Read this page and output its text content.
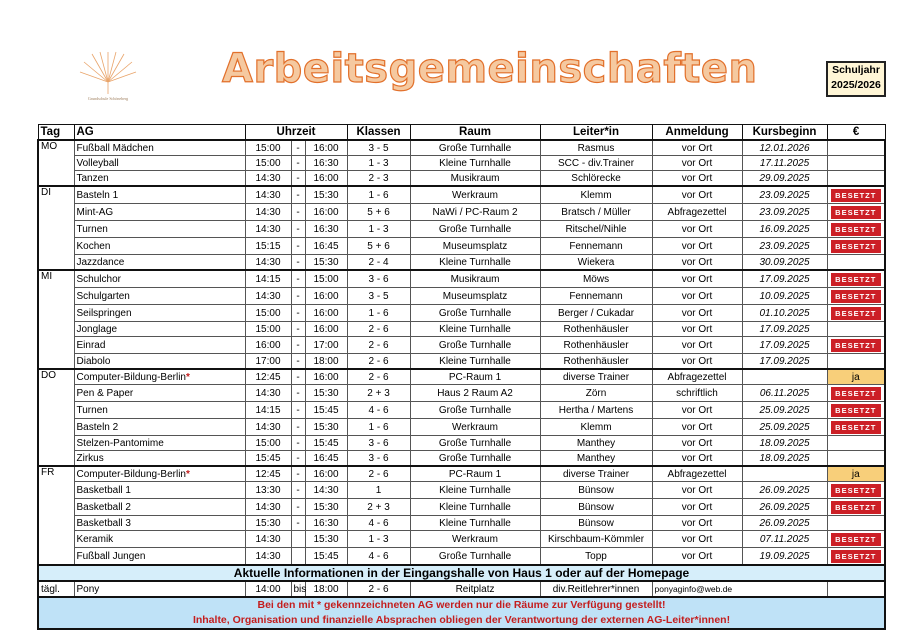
Grundschule Schöneberg
Arbeitsgemeinschaften	Schuljahr
2025/2026
Tag	AG	Uhrzeit			Klassen	Raum	Leiter*in	Anmeldung	Kursbeginn	€
MO	Fußball Mädchen	15:00	-	16:00	3 - 5	Große Turnhalle	Rasmus	vor Ort	12.01.2026	
	Volleyball	15:00	-	16:30	1 - 3	Kleine Turnhalle	SCC - div.Trainer	vor Ort	17.11.2025	
	Tanzen	14:30	-	16:00	2 - 3	Musikraum	Schlörecke	vor Ort	29.09.2025	
DI	Basteln 1	14:30	-	15:30	1 - 6	Werkraum	Klemm	vor Ort	23.09.2025	BESETZT
	Mint-AG	14:30	-	16:00	5 + 6	NaWi / PC-Raum 2	Bratsch / Müller	Abfragezettel	23.09.2025	BESETZT
	Turnen	14:30	-	16:30	1 - 3	Große Turnhalle	Ritschel/Nihle	vor Ort	16.09.2025	BESETZT
	Kochen	15:15	-	16:45	5 + 6	Museumsplatz	Fennemann	vor Ort	23.09.2025	BESETZT
	Jazzdance	14:30	-	15:30	2 - 4	Kleine Turnhalle	Wiekera	vor Ort	30.09.2025	
MI	Schulchor	14:15	-	15:00	3 - 6	Musikraum	Möws	vor Ort	17.09.2025	BESETZT
	Schulgarten	14:30	-	16:00	3 - 5	Museumsplatz	Fennemann	vor Ort	10.09.2025	BESETZT
	Seilspringen	15:00	-	16:00	1 - 6	Große Turnhalle	Berger / Cukadar	vor Ort	01.10.2025	BESETZT
	Jonglage	15:00	-	16:00	2 - 6	Kleine Turnhalle	Rothenhäusler	vor Ort	17.09.2025	
	Einrad	16:00	-	17:00	2 - 6	Große Turnhalle	Rothenhäusler	vor Ort	17.09.2025	BESETZT
	Diabolo	17:00	-	18:00	2 - 6	Kleine Turnhalle	Rothenhäusler	vor Ort	17.09.2025	
DO	Computer-Bildung-Berlin*	12:45	-	16:00	2 - 6	PC-Raum 1	diverse Trainer	Abfragezettel		ja
	Pen & Paper	14:30	-	15:30	2 + 3	Haus 2 Raum A2	Zörn	schriftlich	06.11.2025	BESETZT
	Turnen	14:15	-	15:45	4 - 6	Große Turnhalle	Hertha / Martens	vor Ort	25.09.2025	BESETZT
	Basteln 2	14:30	-	15:30	1 - 6	Werkraum	Klemm	vor Ort	25.09.2025	BESETZT
	Stelzen-Pantomime	15:00	-	15:45	3 - 6	Große Turnhalle	Manthey	vor Ort	18.09.2025	
	Zirkus	15:45	-	16:45	3 - 6	Große Turnhalle	Manthey	vor Ort	18.09.2025	
FR	Computer-Bildung-Berlin*	12:45	-	16:00	2 - 6	PC-Raum 1	diverse Trainer	Abfragezettel		ja
	Basketball 1	13:30	-	14:30	1	Kleine Turnhalle	Bünsow	vor Ort	26.09.2025	BESETZT
	Basketball 2	14:30	-	15:30	2 + 3	Kleine Turnhalle	Bünsow	vor Ort	26.09.2025	BESETZT
	Basketball 3	15:30	-	16:30	4 - 6	Kleine Turnhalle	Bünsow	vor Ort	26.09.2025	
	Keramik	14:30		15:30	1 - 3	Werkraum	Kirschbaum-Kömmler	vor Ort	07.11.2025	BESETZT
	Fußball Jungen	14:30		15:45	4 - 6	Große Turnhalle	Topp	vor Ort	19.09.2025	BESETZT
Aktuelle Informationen in der Eingangshalle von Haus 1 oder auf der Homepage										
tägl.	Pony	14:00	bis	18:00	2 - 6	Reitplatz	div.Reitlehrer*innen	ponyaginfo@web.de		

Bei den mit * gekennzeichneten AG werden nur die Räume zur Verfügung gestellt!
Inhalte, Organisation und finanzielle Absprachen obliegen der Verantwortung der externen AG-Leiter*innen!										
